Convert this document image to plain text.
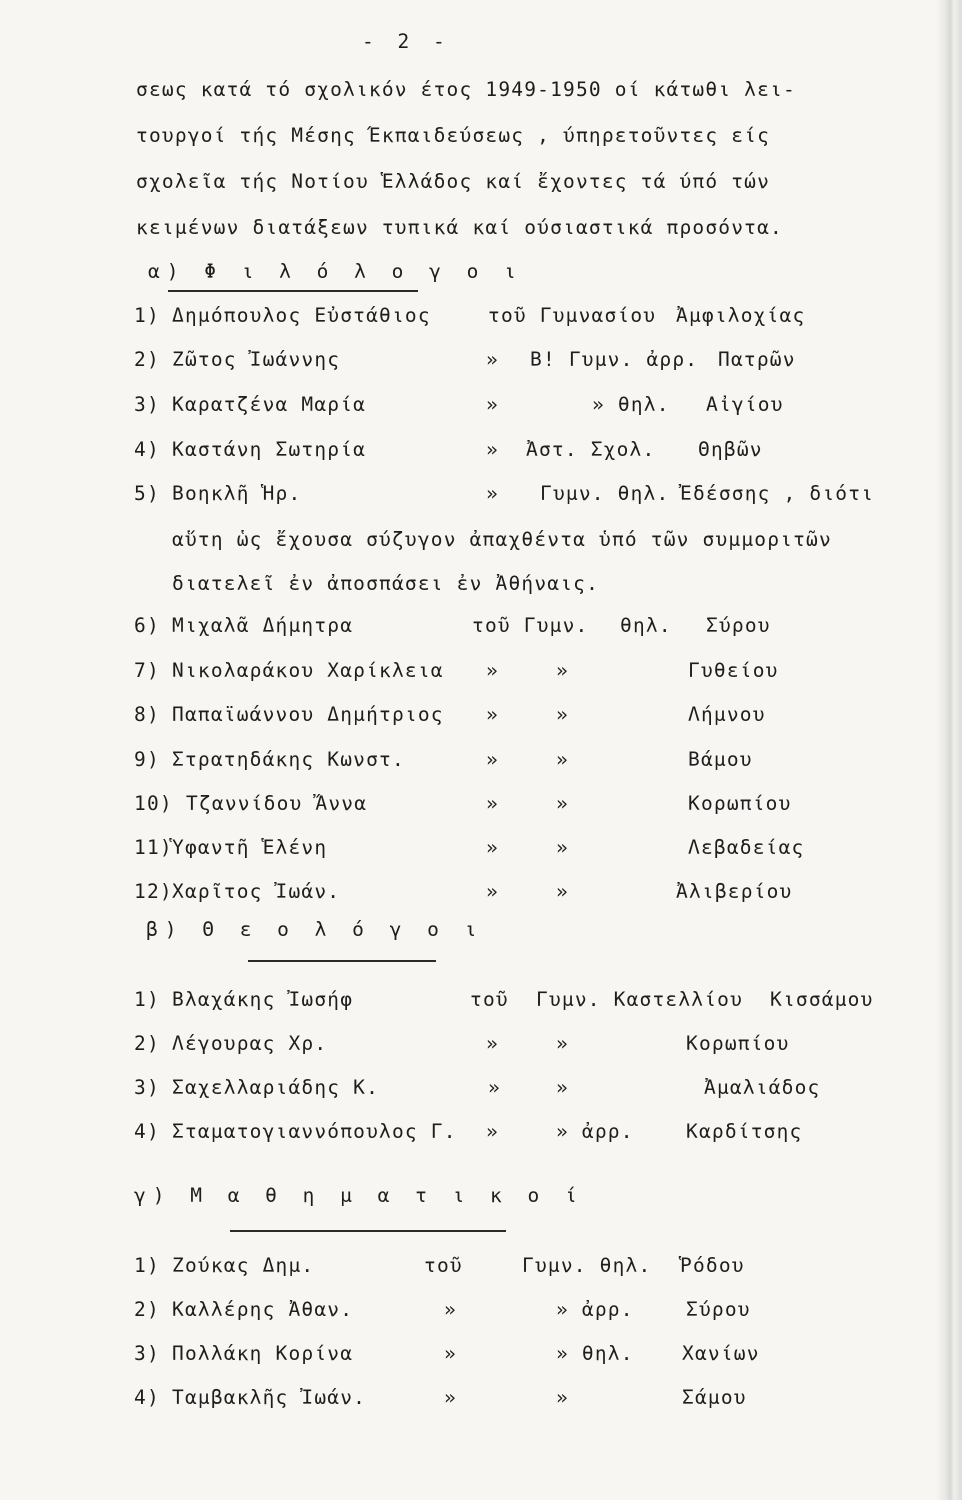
- 2 -
σεως κατά τό σχολικόν έτος 1949-1950 οί κάτωθι λει-
τουργοί τής Μέσης Έκπαιδεύσεως , ύπηρετοῦντες είς
σχολεῖα τής Νοτίου Ἑλλάδος καί ἔχοντες τά ύπό τών
κειμένων διατάξεων τυπικά καί ούσιαστικά προσόντα.
α) Φ ι λ ό λ ο γ ο ι
1) Δημόπουλος Εὐστάθιος	τοῦ Γυμνασίου Ἀμφιλοχίας
2) Ζῶτος Ἰωάννης	» Β! Γυμν. ἀρρ. Πατρῶν
3) Καρατζένα Μαρία	»	» θηλ. Αἰγίου
4) Καστάνη Σωτηρία	» Ἀστ. Σχολ. Θηβῶν
5) Βοηκλῆ Ἡρ.	» Γυμν. θηλ. Ἐδέσσης , διότι
αὕτη ὡς ἔχουσα σύζυγον ἀπαχθέντα ὑπό τῶν συμμοριτῶν
διατελεῖ ἐν ἀποσπάσει ἐν Ἀθήναις.
6) Μιχαλᾶ Δήμητρα	τοῦ Γυμν. θηλ. Σύρου
7) Νικολαράκου Χαρίκλεια »	»	Γυθείου
8) Παπαϊωάννου Δημήτριος »	»	Λήμνου
9) Στρατηδάκης Κωνστ.	»	»	Βάμου
10) Τζαννίδου Ἄννα	»	»	Κορωπίου
11) Ὑφαντῆ Ἑλένη	»	»	Λεβαδείας
12) Χαρῖτος Ἰωάν.	»	»	Ἀλιβερίου
β) Θ ε ο λ ό γ ο ι
1) Βλαχάκης Ἰωσήφ	τοῦ Γυμν. Καστελλίου Κισσάμου
2) Λέγουρας Χρ.	»	»	Κορωπίου
3) Σαχελλαριάδης Κ.	»	»	Ἀμαλιάδος
4) Σταματογιαννόπουλος Γ. »	» ἀρρ.	Καρδίτσης
γ) Μ α θ η μ α τ ι κ ο ί
1) Ζούκας Δημ.	τοῦ	Γυμν. θηλ. Ῥόδου
2) Καλλέρης Ἀθαν.	»	» ἀρρ.	Σύρου
3) Πολλάκη Κορίνα	»	» θηλ. Χανίων
4) Ταμβακλῆς Ἰωάν.	»	»	Σάμου
